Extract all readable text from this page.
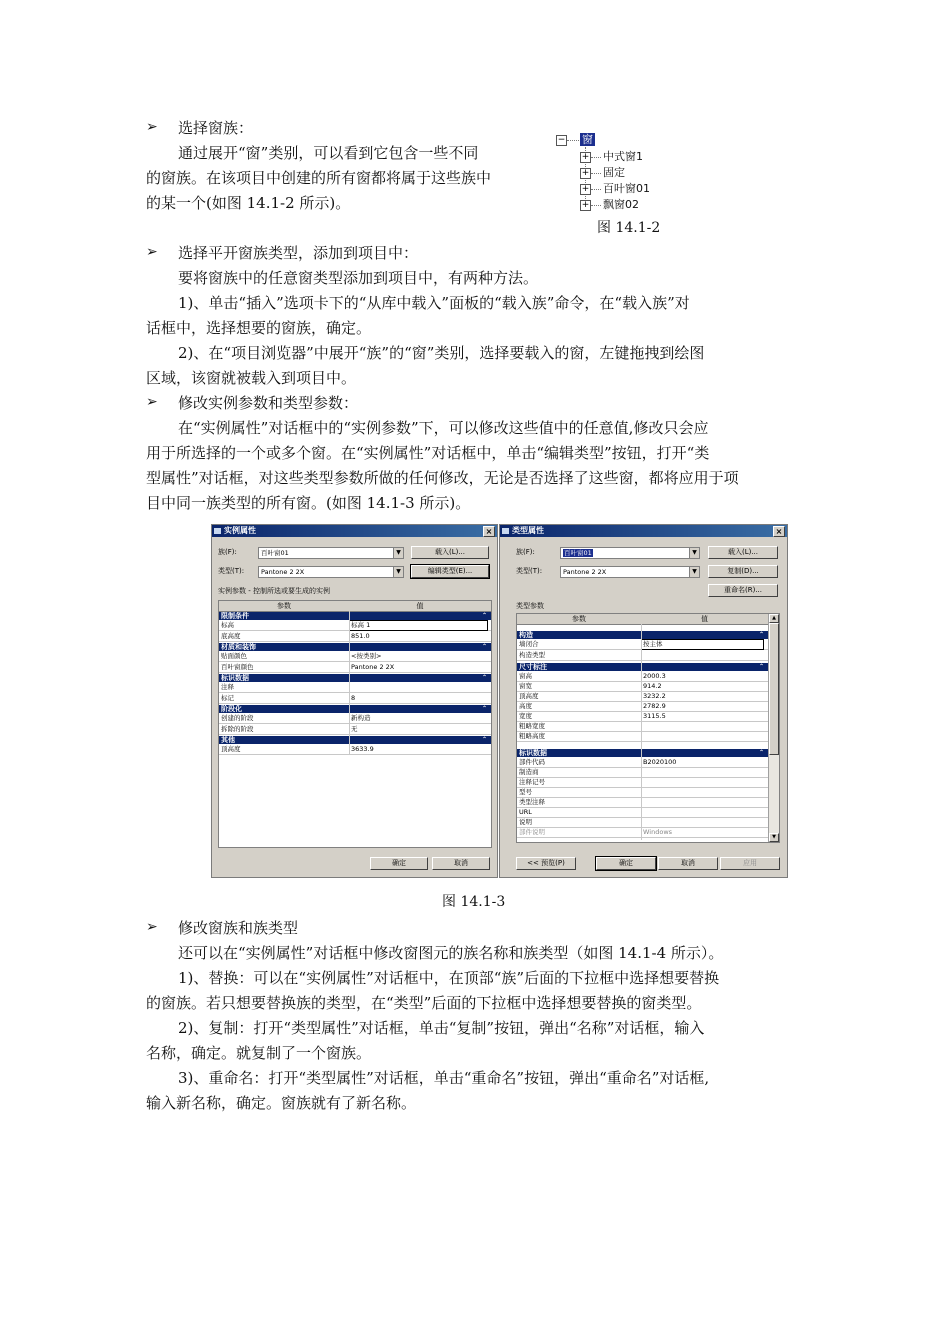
➢ 选择窗族：
通过展开“窗”类别，可以看到它包含一些不同
的窗族。在该项目中创建的所有窗都将属于这些族中
的某一个(如图 14.1-2 所示)。
− 窗
+ 中式窗1
+ 固定
+ 百叶窗01
+ 飘窗02
图 14.1-2
➢ 选择平开窗族类型，添加到项目中：
要将窗族中的任意窗类型添加到项目中，有两种方法。
1)、单击“插入”选项卡下的“从库中载入”面板的“载入族”命令，在“载入族”对
话框中，选择想要的窗族，确定。
2)、在“项目浏览器”中展开“族”的“窗”类别，选择要载入的窗，左键拖拽到绘图
区域，该窗就被载入到项目中。
➢ 修改实例参数和类型参数：
在“实例属性”对话框中的“实例参数”下，可以修改这些值中的任意值,修改只会应
用于所选择的一个或多个窗。在“实例属性”对话框中，单击“编辑类型”按钮，打开“类
型属性”对话框，对这些类型参数所做的任何修改，无论是否选择了这些窗，都将应用于项
目中同一族类型的所有窗。(如图 14.1-3 所示)。
实例属性	×
族(F):	百叶窗01	▼	载入(L)...
类型(T):	Pantone 2 2X	▼	编辑类型(E)...
实例参数 - 控制所选或要生成的实例
参数	值
限制条件	⌃
标高	标高 1
底高度	851.0
材质和装饰	⌃
贴面颜色	<按类别>
百叶窗颜色	Pantone 2 2X
标识数据	⌃
注释
标记	8
阶段化	⌃
创建的阶段	新构造
拆除的阶段	无
其他	⌃
顶高度	3633.9
确定	取消
类型属性	×
族(F):	百叶窗01	▼	载入(L)...
类型(T):	Pantone 2 2X	▼	复制(D)...
重命名(R)...
类型参数
参数	值
构造	⌃
墙闭合	按主体
构造类型
尺寸标注	⌃
窗高	2000.3
窗宽	914.2
顶高度	3232.2
高度	2782.9
宽度	3115.5
粗略宽度
粗略高度
标识数据	⌃
部件代码	B2020100
制造商
注释记号
型号
类型注释
URL
说明
部件说明	Windows
▲
▼
<< 预览(P)	确定	取消	应用
图 14.1-3
➢ 修改窗族和族类型
还可以在“实例属性”对话框中修改窗图元的族名称和族类型（如图 14.1-4 所示）。
1)、替换：可以在“实例属性”对话框中，在顶部“族”后面的下拉框中选择想要替换
的窗族。若只想要替换族的类型，在“类型”后面的下拉框中选择想要替换的窗类型。
2)、复制：打开“类型属性”对话框，单击“复制”按钮，弹出“名称”对话框，输入
名称，确定。就复制了一个窗族。
3)、重命名：打开“类型属性”对话框，单击“重命名”按钮，弹出“重命名”对话框,
输入新名称，确定。窗族就有了新名称。
